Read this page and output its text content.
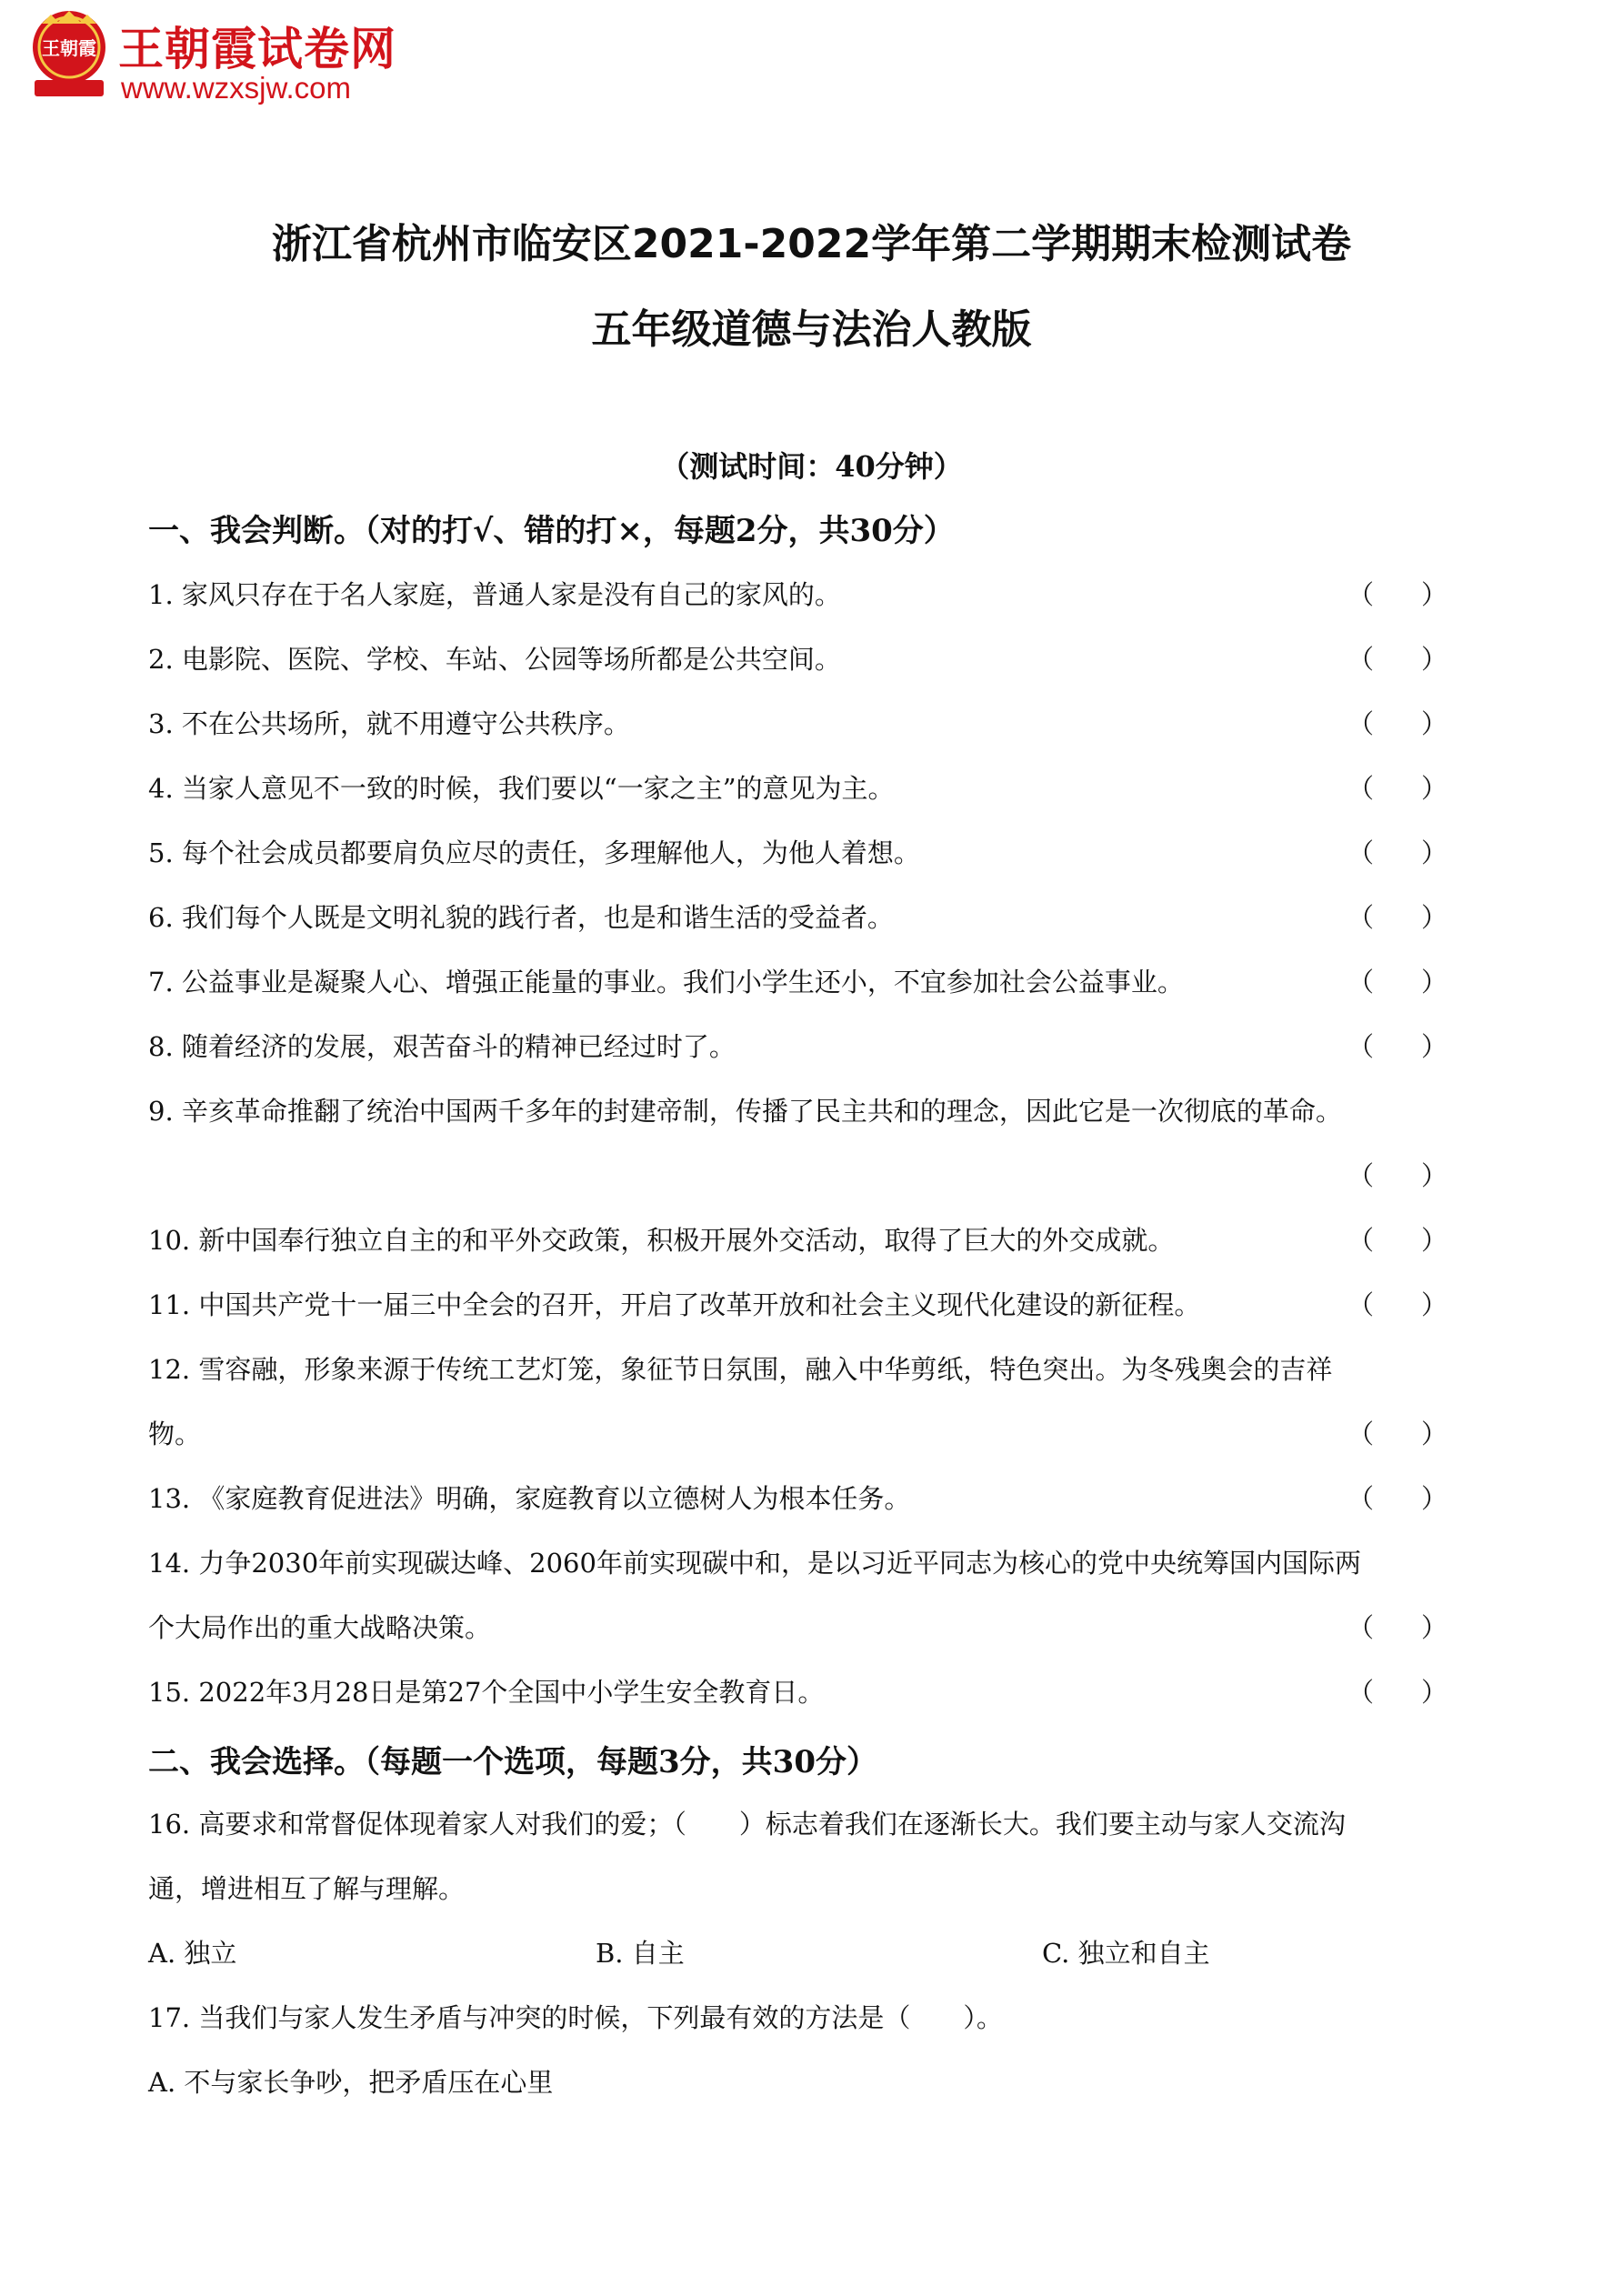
王朝霞 王朝霞试卷网
www.wzxsjw.com
浙江省杭州市临安区2021-2022学年第二学期期末检测试卷
五年级道德与法治人教版
（测试时间：40分钟）
一、我会判断。（对的打√、错的打×，每题2分，共30分）
1. 家风只存在于名人家庭，普通人家是没有自己的家风的。	（ ）
2. 电影院、医院、学校、车站、公园等场所都是公共空间。	（ ）
3. 不在公共场所，就不用遵守公共秩序。	（ ）
4. 当家人意见不一致的时候，我们要以“一家之主”的意见为主。	（ ）
5. 每个社会成员都要肩负应尽的责任，多理解他人，为他人着想。	（ ）
6. 我们每个人既是文明礼貌的践行者，也是和谐生活的受益者。	（ ）
7. 公益事业是凝聚人心、增强正能量的事业。我们小学生还小，不宜参加社会公益事业。	（ ）
8. 随着经济的发展，艰苦奋斗的精神已经过时了。	（ ）
9. 辛亥革命推翻了统治中国两千多年的封建帝制，传播了民主共和的理念，因此它是一次彻底的革命。
（ ）
10. 新中国奉行独立自主的和平外交政策，积极开展外交活动，取得了巨大的外交成就。	（ ）
11. 中国共产党十一届三中全会的召开，开启了改革开放和社会主义现代化建设的新征程。	（ ）
12. 雪容融，形象来源于传统工艺灯笼，象征节日氛围，融入中华剪纸，特色突出。为冬残奥会的吉祥
物。	（ ）
13. 《家庭教育促进法》明确，家庭教育以立德树人为根本任务。	（ ）
14. 力争2030年前实现碳达峰、2060年前实现碳中和，是以习近平同志为核心的党中央统筹国内国际两
个大局作出的重大战略决策。	（ ）
15. 2022年3月28日是第27个全国中小学生安全教育日。	（ ）
二、我会选择。（每题一个选项，每题3分，共30分）
16. 高要求和常督促体现着家人对我们的爱；（　　）标志着我们在逐渐长大。我们要主动与家人交流沟
通，增进相互了解与理解。
A. 独立	B. 自主	C. 独立和自主
17. 当我们与家人发生矛盾与冲突的时候，下列最有效的方法是（　　）。
A. 不与家长争吵，把矛盾压在心里
